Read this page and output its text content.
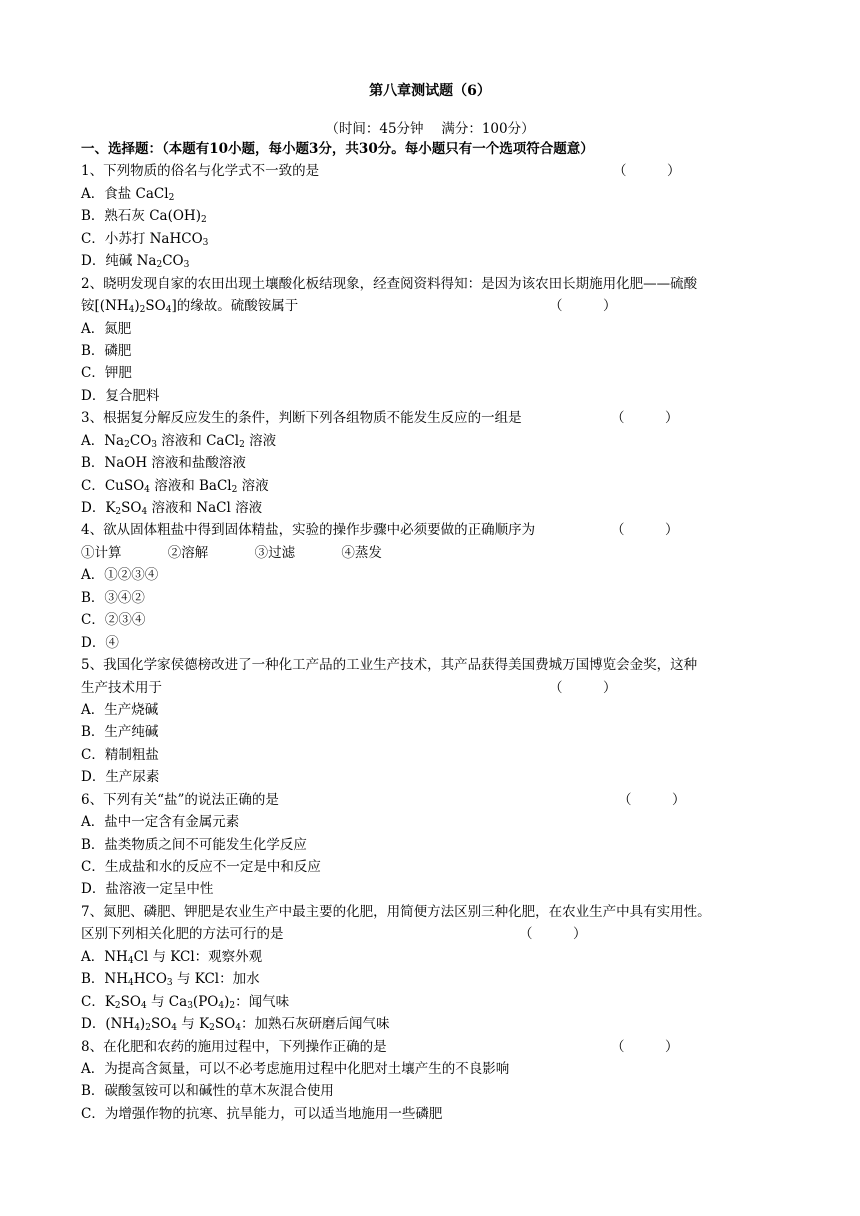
第八章测试题（6）
（时间：45分钟　 满分：100分）
一、选择题：（本题有10小题，每小题3分，共30分。每小题只有一个选项符合题意）
1、下列物质的俗名与化学式不一致的是	（　　　）
A．食盐 CaCl$_2$
B．熟石灰 $Ca(OH)_2$
C．小苏打 NaHCO$_3$
D．纯碱 $Na_2CO_3$
2、晓明发现自家的农田出现土壤酸化板结现象，经查阅资料得知：是因为该农田长期施用化肥——硫酸
铵$[(NH_4)_2SO_4]$的缘故。硫酸铵属于	（　　　）
A．氮肥
B．磷肥
C．钾肥
D．复合肥料
3、根据复分解反应发生的条件，判断下列各组物质不能发生反应的一组是	（　　　）
A．$Na_2CO_3$ 溶液和 CaCl$_2$ 溶液
B．NaOH 溶液和盐酸溶液
C．CuSO$_4$ 溶液和 BaCl$_2$ 溶液
D．$K_2SO_4$ 溶液和 NaCl 溶液
4、欲从固体粗盐中得到固体精盐，实验的操作步骤中必须要做的正确顺序为	（　　　）
①计算	②溶解	③过滤	④蒸发
A．①②③④
B．③④②
C．②③④
D．④
5、我国化学家侯德榜改进了一种化工产品的工业生产技术，其产品获得美国费城万国博览会金奖，这种
生产技术用于	（　　　）
A．生产烧碱
B．生产纯碱
C．精制粗盐
D．生产尿素
6、下列有关“盐”的说法正确的是	（　　　）
A．盐中一定含有金属元素
B．盐类物质之间不可能发生化学反应
C．生成盐和水的反应不一定是中和反应
D．盐溶液一定呈中性
7、氮肥、磷肥、钾肥是农业生产中最主要的化肥，用简便方法区别三种化肥，在农业生产中具有实用性。
区别下列相关化肥的方法可行的是	（　　　）
A．$NH_4Cl$ 与 KCl：观察外观
B．$NH_4HCO_3$ 与 KCl：加水
C．$K_2SO_4$ 与 $Ca_3(PO_4)_2$：闻气味
D．$(NH_4)_2SO_4$ 与 $K_2SO_4$：加熟石灰研磨后闻气味
8、在化肥和农药的施用过程中，下列操作正确的是	（　　　）
A．为提高含氮量，可以不必考虑施用过程中化肥对土壤产生的不良影响
B．碳酸氢铵可以和碱性的草木灰混合使用
C．为增强作物的抗寒、抗旱能力，可以适当地施用一些磷肥
